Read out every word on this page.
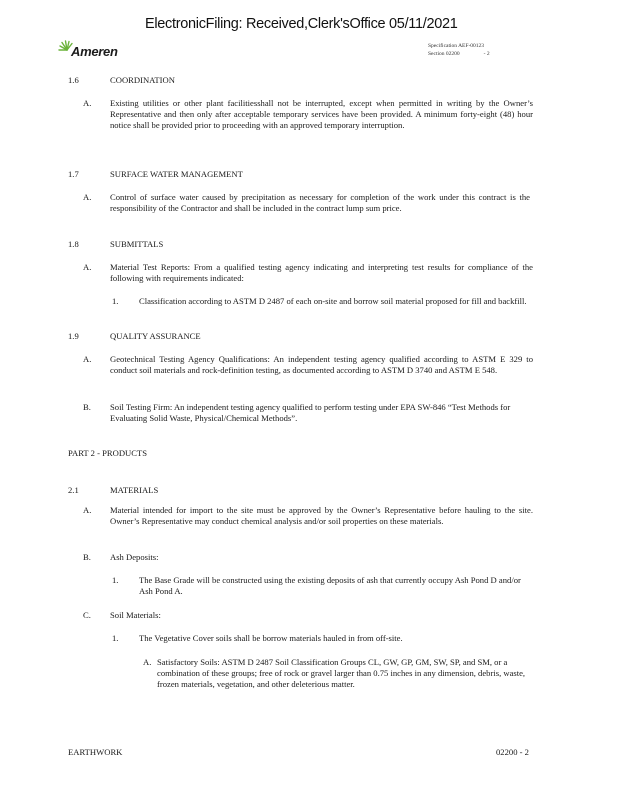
ElectronicFiling: Received,Clerk'sOffice 05/11/2021
Ameren	Specification AEF-00123
Section 02200	- 2
1.6	COORDINATION
A. Existing utilities or other plant facilitiesshall not be interrupted, except when permitted in writing by the Owner’s Representative and then only after acceptable temporary services have been provided. A minimum forty-eight (48) hour notice shall be provided prior to proceeding with an approved temporary interruption.
1.7	SURFACE WATER MANAGEMENT
A. Control of surface water caused by precipitation as necessary for completion of the work under this contract is the responsibility of the Contractor and shall be included in the contract lump sum price.
1.8	SUBMITTALS
A. Material Test Reports: From a qualified testing agency indicating and interpreting test results for compliance of the following with requirements indicated:
1. Classification according to ASTM D 2487 of each on-site and borrow soil material proposed for fill and backfill.
1.9	QUALITY ASSURANCE
A. Geotechnical Testing Agency Qualifications: An independent testing agency qualified according to ASTM E 329 to conduct soil materials and rock-definition testing, as documented according to ASTM D 3740 and ASTM E 548.
B. Soil Testing Firm: An independent testing agency qualified to perform testing under EPA SW-846 “Test Methods for Evaluating Solid Waste, Physical/Chemical Methods”.
PART 2 - PRODUCTS
2.1	MATERIALS
A. Material intended for import to the site must be approved by the Owner’s Representative before hauling to the site. Owner’s Representative may conduct chemical analysis and/or soil properties on these materials.
B. Ash Deposits:
1. The Base Grade will be constructed using the existing deposits of ash that currently occupy Ash Pond D and/or Ash Pond A.
C. Soil Materials:
1. The Vegetative Cover soils shall be borrow materials hauled in from off-site.
A. Satisfactory Soils: ASTM D 2487 Soil Classification Groups CL, GW, GP, GM, SW, SP, and SM, or a combination of these groups; free of rock or gravel larger than 0.75 inches in any dimension, debris, waste, frozen materials, vegetation, and other deleterious matter.
EARTHWORK	02200 - 2
